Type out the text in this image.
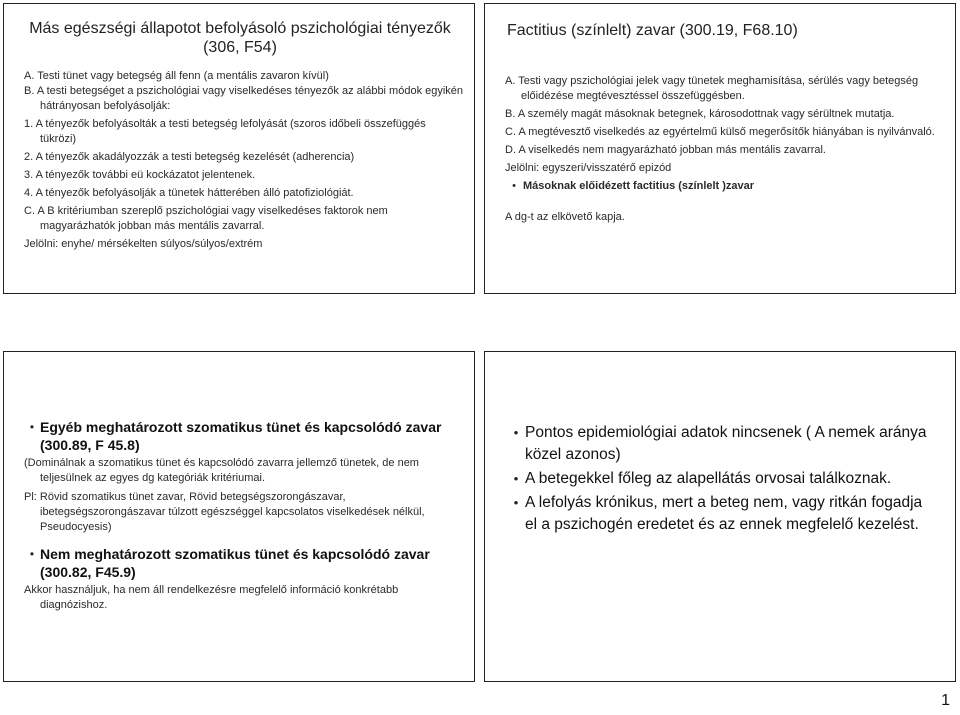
Más egészségi állapotot befolyásoló pszichológiai tényezők (306, F54)

A. Testi tünet vagy betegség áll fenn (a mentális zavaron kívül)

B. A testi betegséget a pszichológiai vagy viselkedéses tényezők az alábbi módok egyikén hátrányosan befolyásolják:

1. A tényezők befolyásolták a testi betegség lefolyását (szoros időbeli összefüggés tükrözi)

2. A tényezők akadályozzák a testi betegség kezelését (adherencia)

3. A tényezők további eü kockázatot jelentenek.

4. A tényezők befolyásolják a tünetek hátterében álló patofiziológiát.

C. A B kritériumban szereplő pszichológiai vagy viselkedéses faktorok nem magyarázhatók jobban más mentális zavarral.

Jelölni: enyhe/ mérsékelten súlyos/súlyos/extrém

Factitius (színlelt) zavar (300.19, F68.10)

A. Testi vagy pszichológiai jelek vagy tünetek meghamisítása, sérülés vagy betegség előidézése megtévesztéssel összefüggésben.

B. A személy magát másoknak betegnek, károsodottnak vagy sérültnek mutatja.

C. A megtévesztő viselkedés az egyértelmű külső megerősítők hiányában is nyilvánvaló.

D. A viselkedés nem magyarázható jobban más mentális zavarral.

Jelölni: egyszeri/visszatérő epizód

• Másoknak előidézett factitius (színlelt )zavar

A dg-t az elkövető kapja.

• Egyéb meghatározott szomatikus tünet és kapcsolódó zavar (300.89, F 45.8)

(Dominálnak a szomatikus tünet és kapcsolódó zavarra jellemző tünetek, de nem teljesülnek az egyes dg kategóriák kritériumai.

Pl: Rövid szomatikus tünet zavar, Rövid betegségszorongászavar, ibetegségszorongászavar túlzott egészséggel kapcsolatos viselkedések nélkül, Pseudocyesis)

• Nem meghatározott szomatikus tünet és kapcsolódó zavar (300.82, F45.9)

Akkor használjuk, ha nem áll rendelkezésre megfelelő információ konkrétabb diagnózishoz.

• Pontos epidemiológiai adatok nincsenek ( A nemek aránya közel azonos)
• A betegekkel főleg az alapellátás orvosai találkoznak.
• A lefolyás krónikus, mert a beteg nem, vagy ritkán fogadja el a pszichogén eredetet és az ennek megfelelő kezelést.
1
